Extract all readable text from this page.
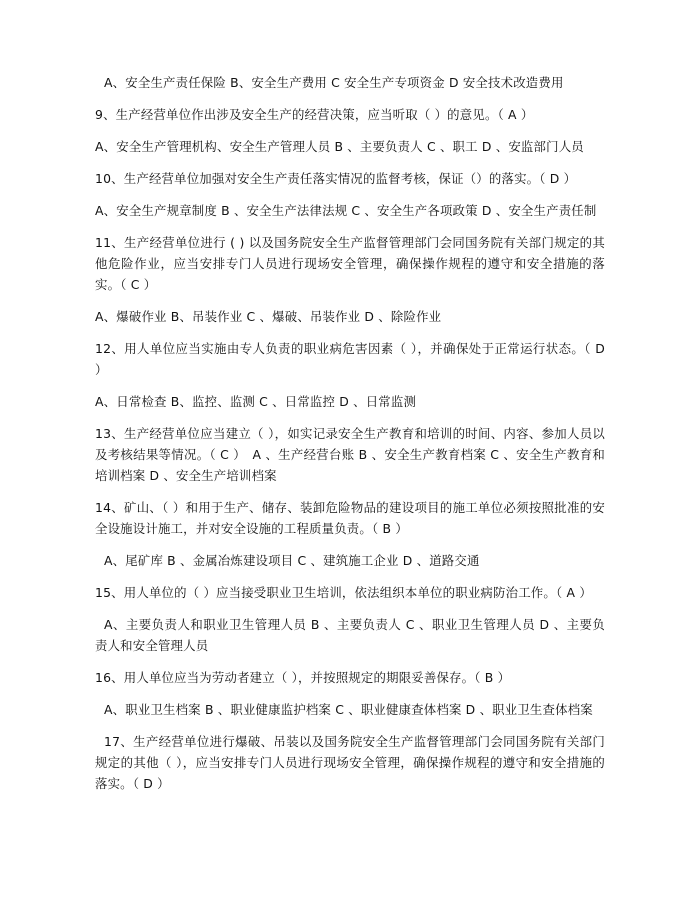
A、安全生产责任保险 B、安全生产费用 C 安全生产专项资金 D 安全技术改造费用

9、生产经营单位作出涉及安全生产的经营决策，应当听取（ ）的意见。（ A ）

A、安全生产管理机构、安全生产管理人员 B 、主要负责人 C 、职工 D 、安监部门人员

10、生产经营单位加强对安全生产责任落实情况的监督考核，保证（）的落实。（ D ）

A、安全生产规章制度 B 、安全生产法律法规 C 、安全生产各项政策 D 、安全生产责任制

11、生产经营单位进行 ( ) 以及国务院安全生产监督管理部门会同国务院有关部门规定的其他危险作业，应当安排专门人员进行现场安全管理，确保操作规程的遵守和安全措施的落实。（ C ）

A、爆破作业 B、吊装作业 C 、爆破、吊装作业 D 、除险作业

12、用人单位应当实施由专人负责的职业病危害因素（ ），并确保处于正常运行状态。（ D ）

A、日常检查 B、监控、监测 C 、日常监控 D 、日常监测

13、生产经营单位应当建立（ ），如实记录安全生产教育和培训的时间、内容、参加人员以及考核结果等情况。（ C ）　A 、生产经营台账 B 、安全生产教育档案 C 、安全生产教育和培训档案 D 、安全生产培训档案

14、矿山、（ ）和用于生产、储存、装卸危险物品的建设项目的施工单位必须按照批准的安全设施设计施工，并对安全设施的工程质量负责。（ B ）

A、尾矿库 B 、金属冶炼建设项目 C 、建筑施工企业 D 、道路交通

15、用人单位的（ ）应当接受职业卫生培训，依法组织本单位的职业病防治工作。（ A ）

A、主要负责人和职业卫生管理人员 B 、主要负责人 C 、职业卫生管理人员 D 、主要负责人和安全管理人员

16、用人单位应当为劳动者建立（ ），并按照规定的期限妥善保存。（ B ）

A、职业卫生档案 B 、职业健康监护档案 C 、职业健康查体档案 D 、职业卫生查体档案

17、生产经营单位进行爆破、吊装以及国务院安全生产监督管理部门会同国务院有关部门规定的其他（ ），应当安排专门人员进行现场安全管理，确保操作规程的遵守和安全措施的落实。（ D ）
